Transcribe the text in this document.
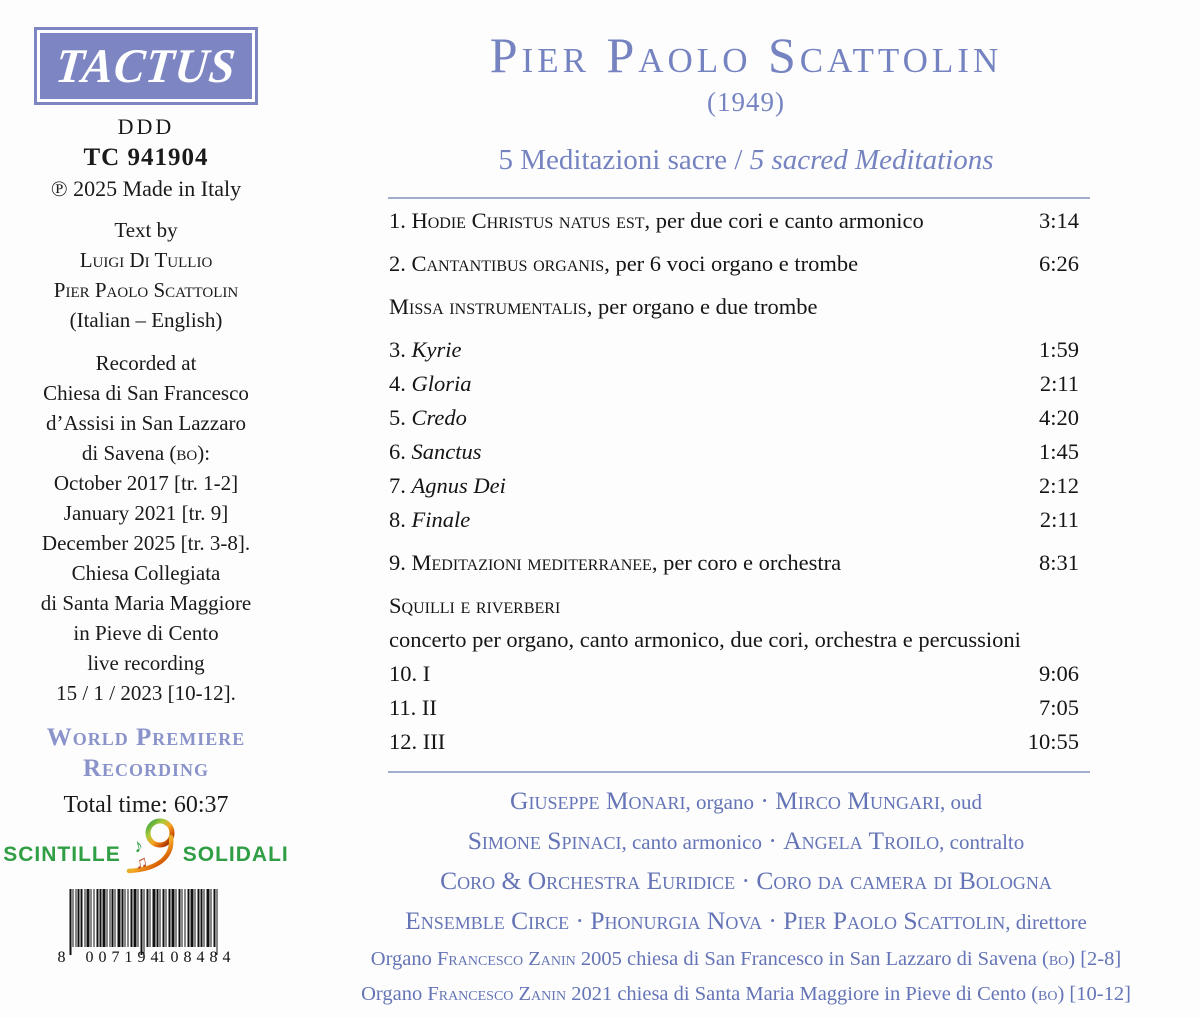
TACTUS
DDD
TC 941904
℗ 2025 Made in Italy
Text by
Luigi Di Tullio
Pier Paolo Scattolin
(Italian – English)
Recorded at
Chiesa di San Francesco
d’Assisi in San Lazzaro
di Savena (bo):
October 2017 [tr. 1-2]
January 2021 [tr. 9]
December 2025 [tr. 3-8].
Chiesa Collegiata
di Santa Maria Maggiore
in Pieve di Cento
live recording
15 / 1 / 2023 [10-12].
World Premiere
Recording
Total time: 60:37
SCINTILLE ♪
♫ SOLIDALI
8 007194
108484
Pier Paolo Scattolin
(1949)
5 Meditazioni sacre / 5 sacred Meditations
1. Hodie Christus natus est, per due cori e canto armonico	3:14
2. Cantantibus organis, per 6 voci organo e trombe	6:26
Missa instrumentalis, per organo e due trombe
3. Kyrie	1:59
4. Gloria	2:11
5. Credo	4:20
6. Sanctus	1:45
7. Agnus Dei	2:12
8. Finale	2:11
9. Meditazioni mediterranee, per coro e orchestra	8:31
Squilli e riverberi
concerto per organo, canto armonico, due cori, orchestra e percussioni
10. I	9:06
11. II	7:05
12. III	10:55
Giuseppe Monari, organo · Mirco Mungari, oud
Simone Spinaci, canto armonico · Angela Troilo, contralto
Coro & Orchestra Euridice · Coro da camera di Bologna
Ensemble Circe · Phonurgia Nova · Pier Paolo Scattolin, direttore
Organo Francesco Zanin 2005 chiesa di San Francesco in San Lazzaro di Savena (bo) [2-8]
Organo Francesco Zanin 2021 chiesa di Santa Maria Maggiore in Pieve di Cento (bo) [10-12]
